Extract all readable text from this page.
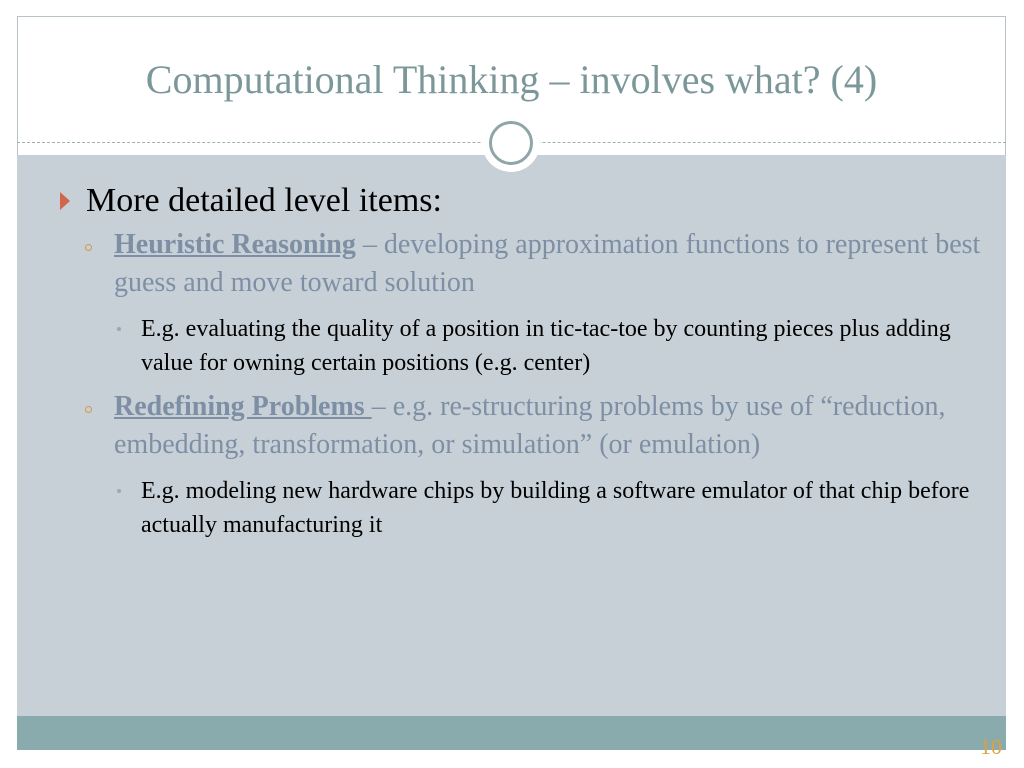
Computational Thinking – involves what? (4)
More detailed level items:
Heuristic Reasoning – developing approximation functions to represent best guess and move toward solution
E.g. evaluating the quality of a position in tic-tac-toe by counting pieces plus adding value for owning certain positions (e.g. center)
Redefining Problems – e.g. re-structuring problems by use of “reduction, embedding, transformation, or simulation” (or emulation)
E.g. modeling new hardware chips by building a software emulator of that chip before actually manufacturing it
10
